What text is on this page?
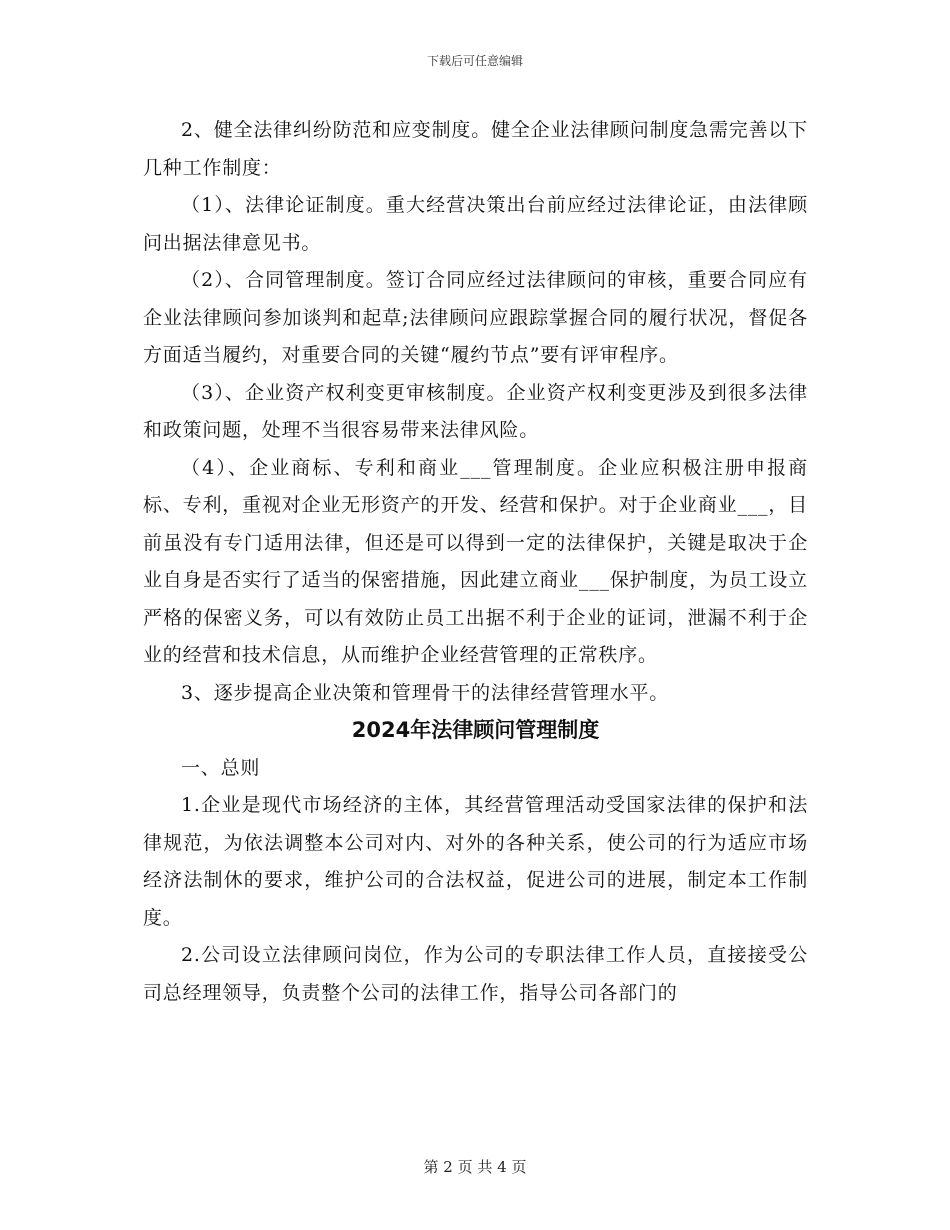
下载后可任意编辑

2、健全法律纠纷防范和应变制度。健全企业法律顾问制度急需完善以下几种工作制度：

（1）、法律论证制度。重大经营决策出台前应经过法律论证，由法律顾问出据法律意见书。

（2）、合同管理制度。签订合同应经过法律顾问的审核，重要合同应有企业法律顾问参加谈判和起草;法律顾问应跟踪掌握合同的履行状况，督促各方面适当履约，对重要合同的关键“履约节点”要有评审程序。

（3）、企业资产权利变更审核制度。企业资产权利变更涉及到很多法律和政策问题，处理不当很容易带来法律风险。

（4）、企业商标、专利和商业___管理制度。企业应积极注册申报商标、专利，重视对企业无形资产的开发、经营和保护。对于企业商业___，目前虽没有专门适用法律，但还是可以得到一定的法律保护，关键是取决于企业自身是否实行了适当的保密措施，因此建立商业___保护制度，为员工设立严格的保密义务，可以有效防止员工出据不利于企业的证词，泄漏不利于企业的经营和技术信息，从而维护企业经营管理的正常秩序。

3、逐步提高企业决策和管理骨干的法律经营管理水平。

2024年法律顾问管理制度

一、总则

1.企业是现代市场经济的主体，其经营管理活动受国家法律的保护和法律规范，为依法调整本公司对内、对外的各种关系，使公司的行为适应市场经济法制休的要求，维护公司的合法权益，促进公司的进展，制定本工作制度。

2.公司设立法律顾问岗位，作为公司的专职法律工作人员，直接接受公司总经理领导，负责整个公司的法律工作，指导公司各部门的

第 2 页 共 4 页
